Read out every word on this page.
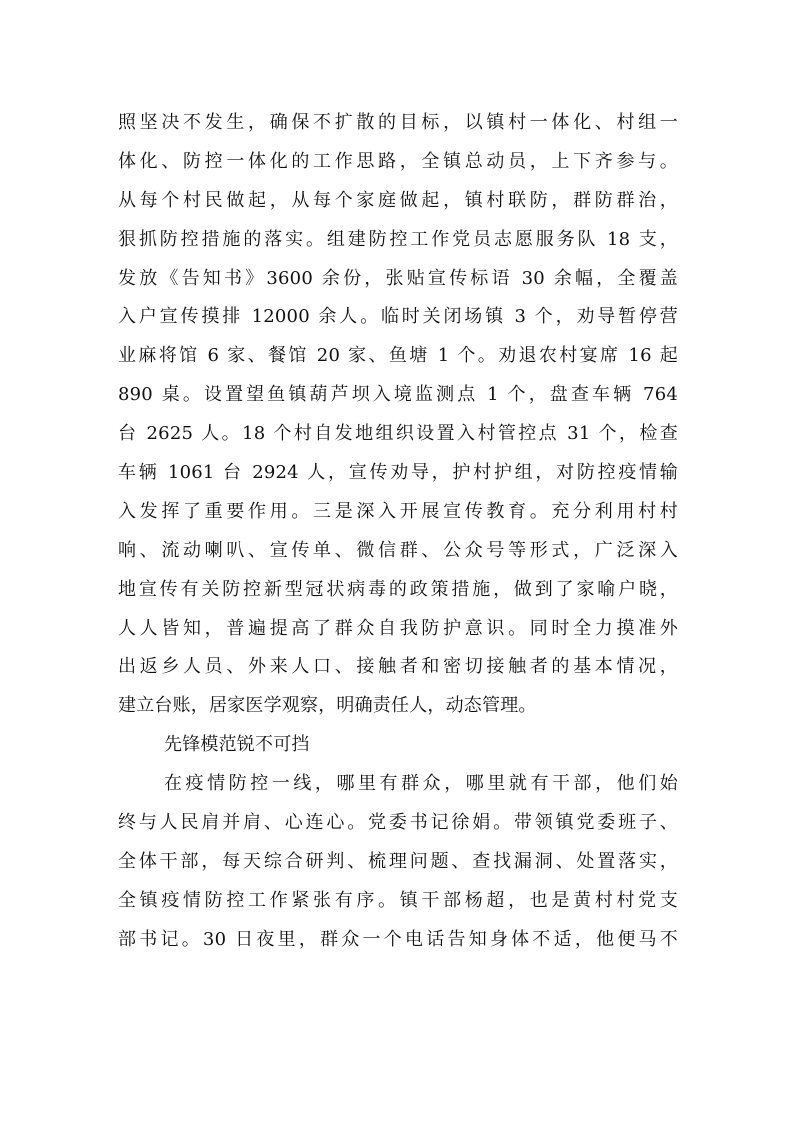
照坚决不发生，确保不扩散的目标，以镇村一体化、村组一
体化、防控一体化的工作思路，全镇总动员，上下齐参与。
从每个村民做起，从每个家庭做起，镇村联防，群防群治，
狠抓防控措施的落实。组建防控工作党员志愿服务队 18 支，
发放《告知书》3600 余份，张贴宣传标语 30 余幅，全覆盖
入户宣传摸排 12000 余人。临时关闭场镇 3 个，劝导暂停营
业麻将馆 6 家、餐馆 20 家、鱼塘 1 个。劝退农村宴席 16 起
890 桌。设置望鱼镇葫芦坝入境监测点 1 个，盘查车辆 764
台 2625 人。18 个村自发地组织设置入村管控点 31 个，检查
车辆 1061 台 2924 人，宣传劝导，护村护组，对防控疫情输
入发挥了重要作用。三是深入开展宣传教育。充分利用村村
响、流动喇叭、宣传单、微信群、公众号等形式，广泛深入
地宣传有关防控新型冠状病毒的政策措施，做到了家喻户晓，
人人皆知，普遍提高了群众自我防护意识。同时全力摸准外
出返乡人员、外来人口、接触者和密切接触者的基本情况，
建立台账，居家医学观察，明确责任人，动态管理。
先锋模范锐不可挡
在疫情防控一线，哪里有群众，哪里就有干部，他们始
终与人民肩并肩、心连心。党委书记徐娟。带领镇党委班子、
全体干部，每天综合研判、梳理问题、查找漏洞、处置落实，
全镇疫情防控工作紧张有序。镇干部杨超，也是黄村村党支
部书记。30 日夜里，群众一个电话告知身体不适，他便马不
